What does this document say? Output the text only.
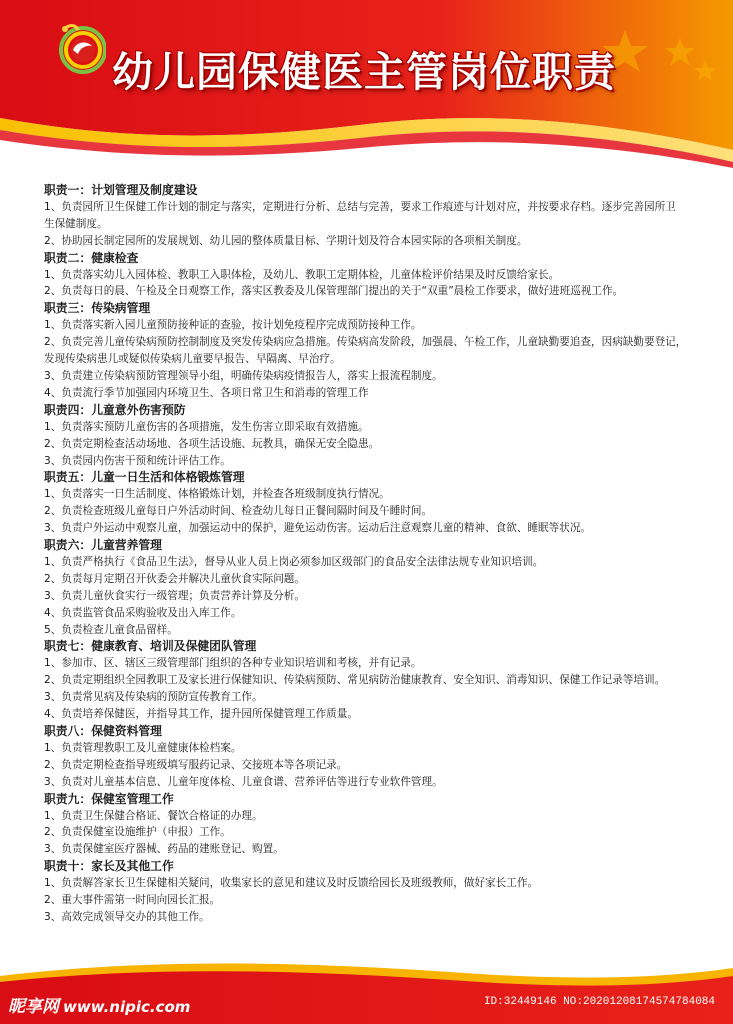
幼儿园保健医主管岗位职责
职责一：计划管理及制度建设
1、负责园所卫生保健工作计划的制定与落实，定期进行分析、总结与完善，要求工作痕迹与计划对应，并按要求存档。逐步完善园所卫
生保健制度。
2、协助园长制定园所的发展规划、幼儿园的整体质量目标、学期计划及符合本园实际的各项相关制度。
职责二：健康检查
1、负责落实幼儿入园体检、教职工入职体检，及幼儿、教职工定期体检，儿童体检评价结果及时反馈给家长。
2、负责每日的晨、午检及全日观察工作，落实区教委及儿保管理部门提出的关于“双重”晨检工作要求，做好进班巡视工作。
职责三：传染病管理
1、负责落实新入园儿童预防接种证的查验，按计划免疫程序完成预防接种工作。
2、负责完善儿童传染病预防控制制度及突发传染病应急措施。传染病高发阶段，加强晨、午检工作，儿童缺勤要追查，因病缺勤要登记，
发现传染病患儿或疑似传染病儿童要早报告、早隔离、早治疗。
3、负责建立传染病预防管理领导小组，明确传染病疫情报告人，落实上报流程制度。
4、负责流行季节加强园内环境卫生、各项日常卫生和消毒的管理工作
职责四：儿童意外伤害预防
1、负责落实预防儿童伤害的各项措施，发生伤害立即采取有效措施。
2、负责定期检查活动场地、各项生活设施、玩教具，确保无安全隐患。
3、负责园内伤害干预和统计评估工作。
职责五：儿童一日生活和体格锻炼管理
1、负责落实一日生活制度、体格锻炼计划，并检查各班级制度执行情况。
2、负责检查班级儿童每日户外活动时间、检查幼儿每日正餐间隔时间及午睡时间。
3、负责户外运动中观察儿童，加强运动中的保护，避免运动伤害。运动后注意观察儿童的精神、食欲、睡眠等状况。
职责六：儿童营养管理
1、负责严格执行《食品卫生法》，督导从业人员上岗必须参加区级部门的食品安全法律法规专业知识培训。
2、负责每月定期召开伙委会并解决儿童伙食实际问题。
3、负责儿童伙食实行一级管理；负责营养计算及分析。
4、负责监管食品采购验收及出入库工作。
5、负责检查儿童食品留样。
职责七：健康教育、培训及保健团队管理
1、参加市、区、辖区三级管理部门组织的各种专业知识培训和考核，并有记录。
2、负责定期组织全园教职工及家长进行保健知识、传染病预防、常见病防治健康教育、安全知识、消毒知识、保健工作记录等培训。
3、负责常见病及传染病的预防宣传教育工作。
4、负责培养保健医，并指导其工作，提升园所保健管理工作质量。
职责八：保健资料管理
1、负责管理教职工及儿童健康体检档案。
2、负责定期检查指导班级填写服药记录、交接班本等各项记录。
3、负责对儿童基本信息、儿童年度体检、儿童食谱、营养评估等进行专业软件管理。
职责九：保健室管理工作
1、负责卫生保健合格证、餐饮合格证的办理。
2、负责保健室设施维护（申报）工作。
3、负责保健室医疗器械、药品的建账登记、购置。
职责十：家长及其他工作
1、负责解答家长卫生保健相关疑问，收集家长的意见和建议及时反馈给园长及班级教师，做好家长工作。
2、重大事件需第一时间向园长汇报。
3、高效完成领导交办的其他工作。
昵享网 www.nipic.com	ID:32449146 NO:20201208174574784084
